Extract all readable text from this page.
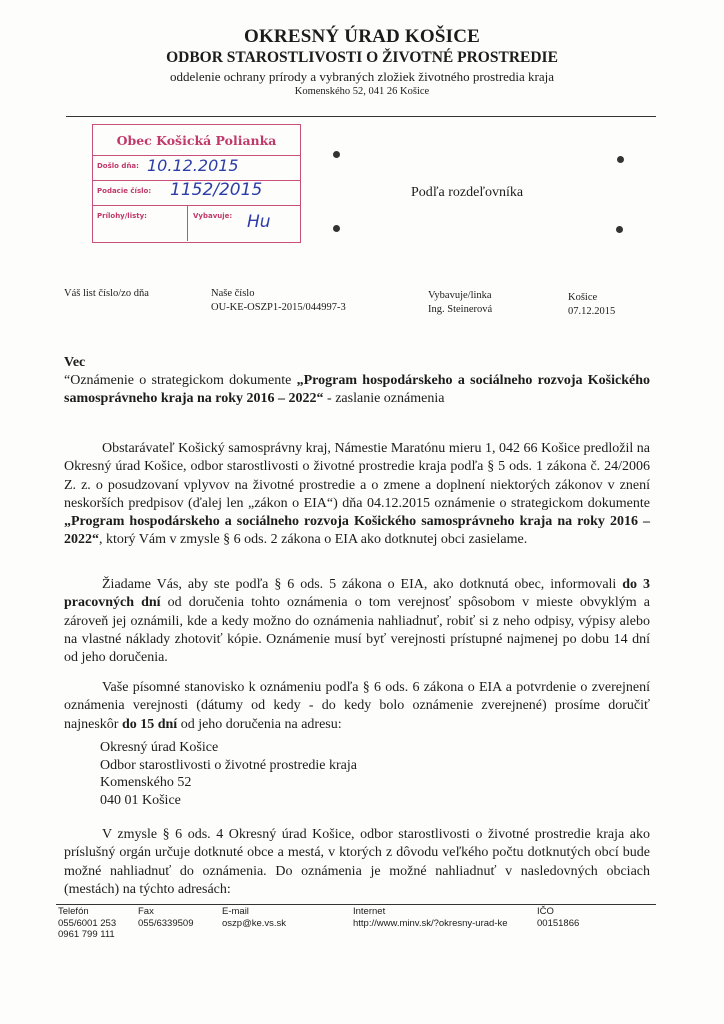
OKRESNÝ ÚRAD KOŠICE
ODBOR STAROSTLIVOSTI O ŽIVOTNÉ PROSTREDIE
oddelenie ochrany prírody a vybraných zložiek životného prostredia kraja
Komenského 52, 041 26 Košice
Obec Košická Polianka
Došlo dňa:
Podacie číslo:
Prílohy/listy:	Vybavuje:
10.12.2015
1152/2015
Hu
Podľa rozdeľovníka
Váš list číslo/zo dňa	Naše číslo
OU-KE-OSZP1-2015/044997-3
Vybavuje/linka
Ing. Steinerová
Košice
07.12.2015
Vec
“Oznámenie o strategickom dokumente „Program hospodárskeho a sociálneho rozvoja Košického samosprávneho kraja na roky 2016 – 2022“ - zaslanie oznámenia
Obstarávateľ Košický samosprávny kraj, Námestie Maratónu mieru 1, 042 66 Košice predložil na Okresný úrad Košice, odbor starostlivosti o životné prostredie kraja podľa § 5 ods. 1 zákona č. 24/2006 Z. z. o posudzovaní vplyvov na životné prostredie a o zmene a doplnení niektorých zákonov v znení neskorších predpisov (ďalej len „zákon o EIA“) dňa 04.12.2015 oznámenie o strategickom dokumente „Program hospodárskeho a sociálneho rozvoja Košického samosprávneho kraja na roky 2016 – 2022“, ktorý Vám v zmysle § 6 ods. 2 zákona o EIA ako dotknutej obci zasielame.
Žiadame Vás, aby ste podľa § 6 ods. 5 zákona o EIA, ako dotknutá obec, informovali do 3 pracovných dní od doručenia tohto oznámenia o tom verejnosť spôsobom v mieste obvyklým a zároveň jej oznámili, kde a kedy možno do oznámenia nahliadnuť, robiť si z neho odpisy, výpisy alebo na vlastné náklady zhotoviť kópie. Oznámenie musí byť verejnosti prístupné najmenej po dobu 14 dní od jeho doručenia.
Vaše písomné stanovisko k oznámeniu podľa § 6 ods. 6 zákona o EIA a potvrdenie o zverejnení oznámenia verejnosti (dátumy od kedy - do kedy bolo oznámenie zverejnené) prosíme doručiť najneskôr do 15 dní od jeho doručenia na adresu:
Okresný úrad Košice
Odbor starostlivosti o životné prostredie kraja
Komenského 52
040 01 Košice
V zmysle § 6 ods. 4 Okresný úrad Košice, odbor starostlivosti o životné prostredie kraja ako príslušný orgán určuje dotknuté obce a mestá, v ktorých z dôvodu veľkého počtu dotknutých obcí bude možné nahliadnuť do oznámenia. Do oznámenia je možné nahliadnuť v nasledovných obciach (mestách) na týchto adresách:
Telefón
055/6001 253
0961 799 111
Fax
055/6339509
E-mail
oszp@ke.vs.sk
Internet
http://www.minv.sk/?okresny-urad-ke
IČO
00151866
